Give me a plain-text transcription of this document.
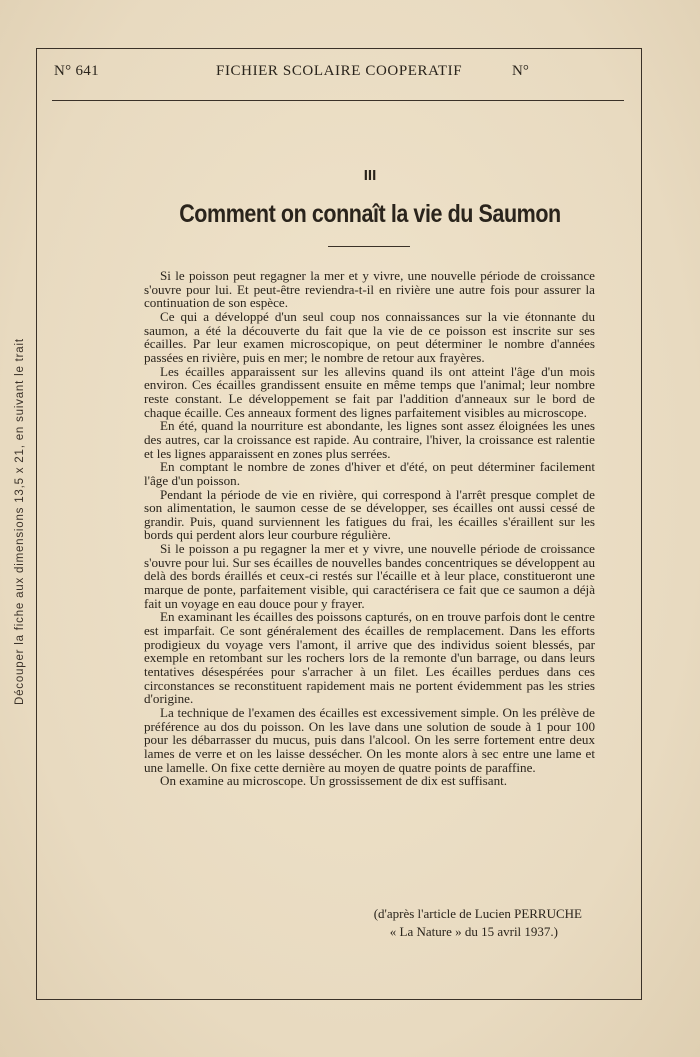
N° 641	FICHIER SCOLAIRE COOPERATIF	N°
Découper la fiche aux dimensions 13,5 x 21, en suivant le trait
III
Comment on connaît la vie du Saumon

Si le poisson peut regagner la mer et y vivre, une nouvelle période de croissance s'ouvre pour lui. Et peut-être reviendra-t-il en rivière une autre fois pour assurer la continuation de son espèce.

Ce qui a développé d'un seul coup nos connaissances sur la vie étonnante du saumon, a été la découverte du fait que la vie de ce poisson est inscrite sur ses écailles. Par leur examen microscopique, on peut déterminer le nombre d'années passées en rivière, puis en mer; le nombre de retour aux frayères.

Les écailles apparaissent sur les allevins quand ils ont atteint l'âge d'un mois environ. Ces écailles grandissent ensuite en même temps que l'animal; leur nombre reste constant. Le développement se fait par l'addition d'anneaux sur le bord de chaque écaille. Ces anneaux forment des lignes parfaitement visibles au microscope.

En été, quand la nourriture est abondante, les lignes sont assez éloignées les unes des autres, car la croissance est rapide. Au contraire, l'hiver, la croissance est ralentie et les lignes apparaissent en zones plus serrées.

En comptant le nombre de zones d'hiver et d'été, on peut déterminer facilement l'âge d'un poisson.

Pendant la période de vie en rivière, qui correspond à l'arrêt presque complet de son alimentation, le saumon cesse de se développer, ses écailles ont aussi cessé de grandir. Puis, quand surviennent les fatigues du frai, les écailles s'éraillent sur les bords qui perdent alors leur courbure régulière.

Si le poisson a pu regagner la mer et y vivre, une nouvelle période de croissance s'ouvre pour lui. Sur ses écailles de nouvelles bandes concentriques se développent au delà des bords éraillés et ceux-ci restés sur l'écaille et à leur place, constitueront une marque de ponte, parfaitement visible, qui caractérisera ce fait que ce saumon a déjà fait un voyage en eau douce pour y frayer.

En examinant les écailles des poissons capturés, on en trouve parfois dont le centre est imparfait. Ce sont généralement des écailles de remplacement. Dans les efforts prodigieux du voyage vers l'amont, il arrive que des individus soient blessés, par exemple en retombant sur les rochers lors de la remonte d'un barrage, ou dans leurs tentatives désespérées pour s'arracher à un filet. Les écailles perdues dans ces circonstances se reconstituent rapidement mais ne portent évidemment pas les stries d'origine.

La technique de l'examen des écailles est excessivement simple. On les prélève de préférence au dos du poisson. On les lave dans une solution de soude à 1 pour 100 pour les débarrasser du mucus, puis dans l'alcool. On les serre fortement entre deux lames de verre et on les laisse dessécher. On les monte alors à sec entre une lame et une lamelle. On fixe cette dernière au moyen de quatre points de paraffine.

On examine au microscope. Un grossissement de dix est suffisant.

(d'après l'article de Lucien PERRUCHE
« La Nature » du 15 avril 1937.)
